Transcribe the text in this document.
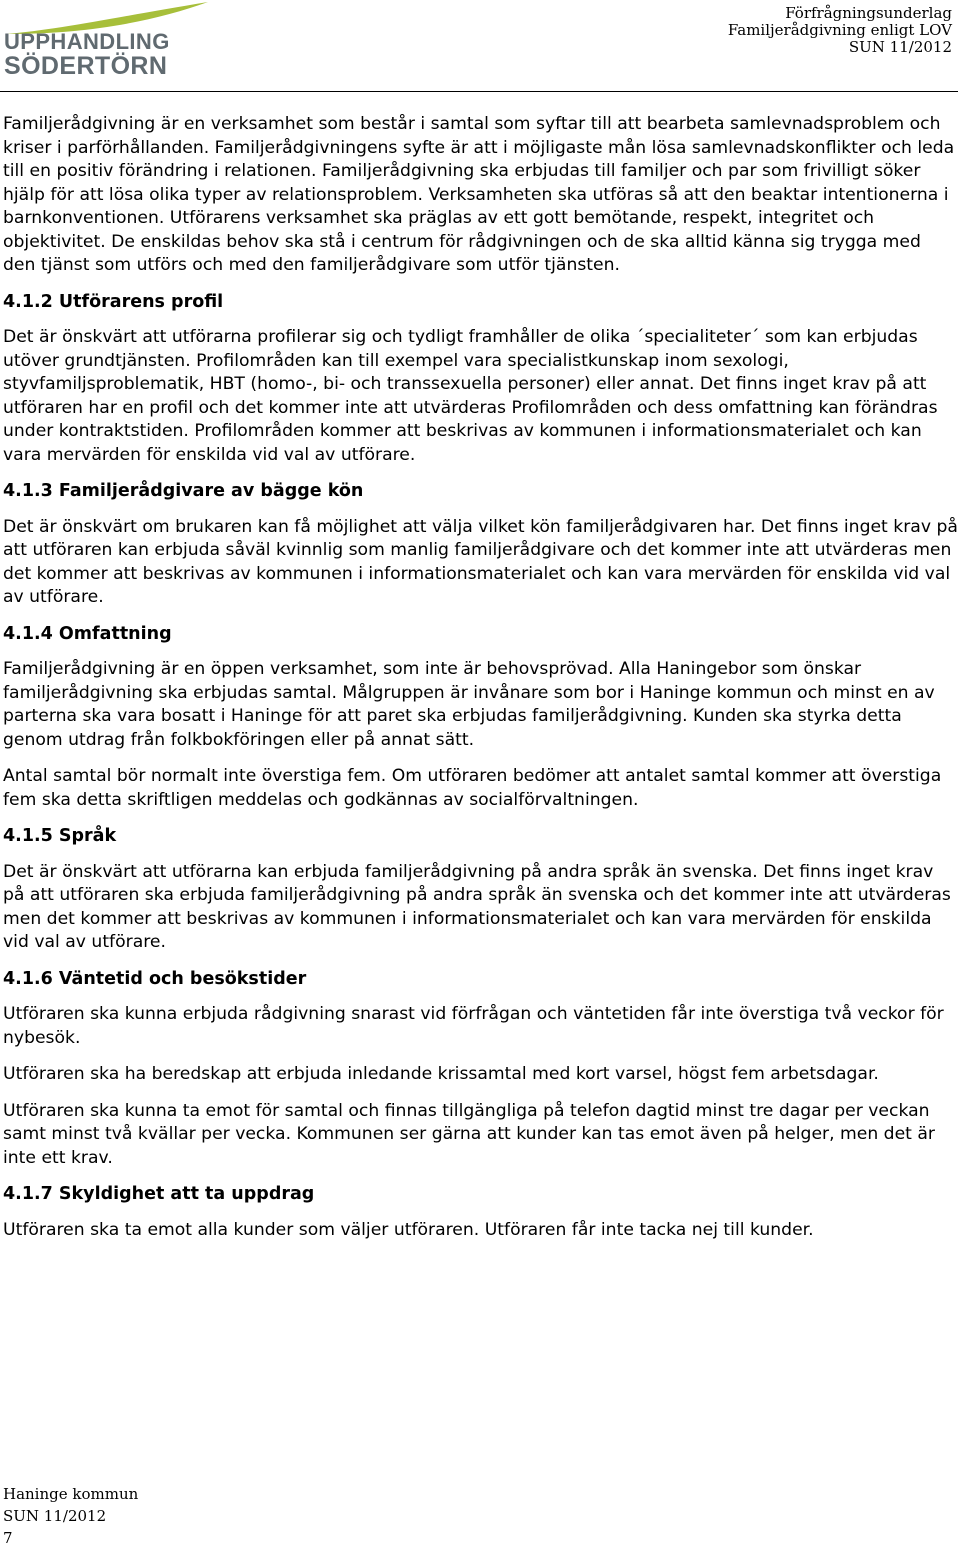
UPPHANDLING
SÖDERTÖRN
Förfrågningsunderlag
Familjerådgivning enligt LOV
SUN 11/2012

Familjerådgivning är en verksamhet som består i samtal som syftar till att bearbeta samlevnadsproblem och kriser i parförhållanden. Familjerådgivningens syfte är att i möjligaste mån lösa samlevnadskonflikter och leda till en positiv förändring i relationen. Familjerådgivning ska erbjudas till familjer och par som frivilligt söker hjälp för att lösa olika typer av relationsproblem. Verksamheten ska utföras så att den beaktar intentionerna i barnkonventionen. Utförarens verksamhet ska präglas av ett gott bemötande, respekt, integritet och objektivitet. De enskildas behov ska stå i centrum för rådgivningen och de ska alltid känna sig trygga med den tjänst som utförs och med den familjerådgivare som utför tjänsten.

4.1.2 Utförarens profil

Det är önskvärt att utförarna profilerar sig och tydligt framhåller de olika ´specialiteter´ som kan erbjudas utöver grundtjänsten. Profilområden kan till exempel vara specialistkunskap inom sexologi, styvfamiljsproblematik, HBT (homo-, bi- och transsexuella personer) eller annat. Det finns inget krav på att utföraren har en profil och det kommer inte att utvärderas Profilområden och dess omfattning kan förändras under kontraktstiden. Profilområden kommer att beskrivas av kommunen i informationsmaterialet och kan vara mervärden för enskilda vid val av utförare.

4.1.3 Familjerådgivare av bägge kön

Det är önskvärt om brukaren kan få möjlighet att välja vilket kön familjerådgivaren har. Det finns inget krav på att utföraren kan erbjuda såväl kvinnlig som manlig familjerådgivare och det kommer inte att utvärderas men det kommer att beskrivas av kommunen i informationsmaterialet och kan vara mervärden för enskilda vid val av utförare.

4.1.4 Omfattning

Familjerådgivning är en öppen verksamhet, som inte är behovsprövad. Alla Haningebor som önskar familjerådgivning ska erbjudas samtal. Målgruppen är invånare som bor i Haninge kommun och minst en av parterna ska vara bosatt i Haninge för att paret ska erbjudas familjerådgivning. Kunden ska styrka detta genom utdrag från folkbokföringen eller på annat sätt.

Antal samtal bör normalt inte överstiga fem. Om utföraren bedömer att antalet samtal kommer att överstiga fem ska detta skriftligen meddelas och godkännas av socialförvaltningen.

4.1.5 Språk

Det är önskvärt att utförarna kan erbjuda familjerådgivning på andra språk än svenska. Det finns inget krav på att utföraren ska erbjuda familjerådgivning på andra språk än svenska och det kommer inte att utvärderas men det kommer att beskrivas av kommunen i informationsmaterialet och kan vara mervärden för enskilda vid val av utförare.

4.1.6 Väntetid och besökstider

Utföraren ska kunna erbjuda rådgivning snarast vid förfrågan och väntetiden får inte överstiga två veckor för nybesök.

Utföraren ska ha beredskap att erbjuda inledande krissamtal med kort varsel, högst fem arbetsdagar.

Utföraren ska kunna ta emot för samtal och finnas tillgängliga på telefon dagtid minst tre dagar per veckan samt minst två kvällar per vecka. Kommunen ser gärna att kunder kan tas emot även på helger, men det är inte ett krav.

4.1.7 Skyldighet att ta uppdrag

Utföraren ska ta emot alla kunder som väljer utföraren. Utföraren får inte tacka nej till kunder.

Haninge kommun
SUN 11/2012
7
